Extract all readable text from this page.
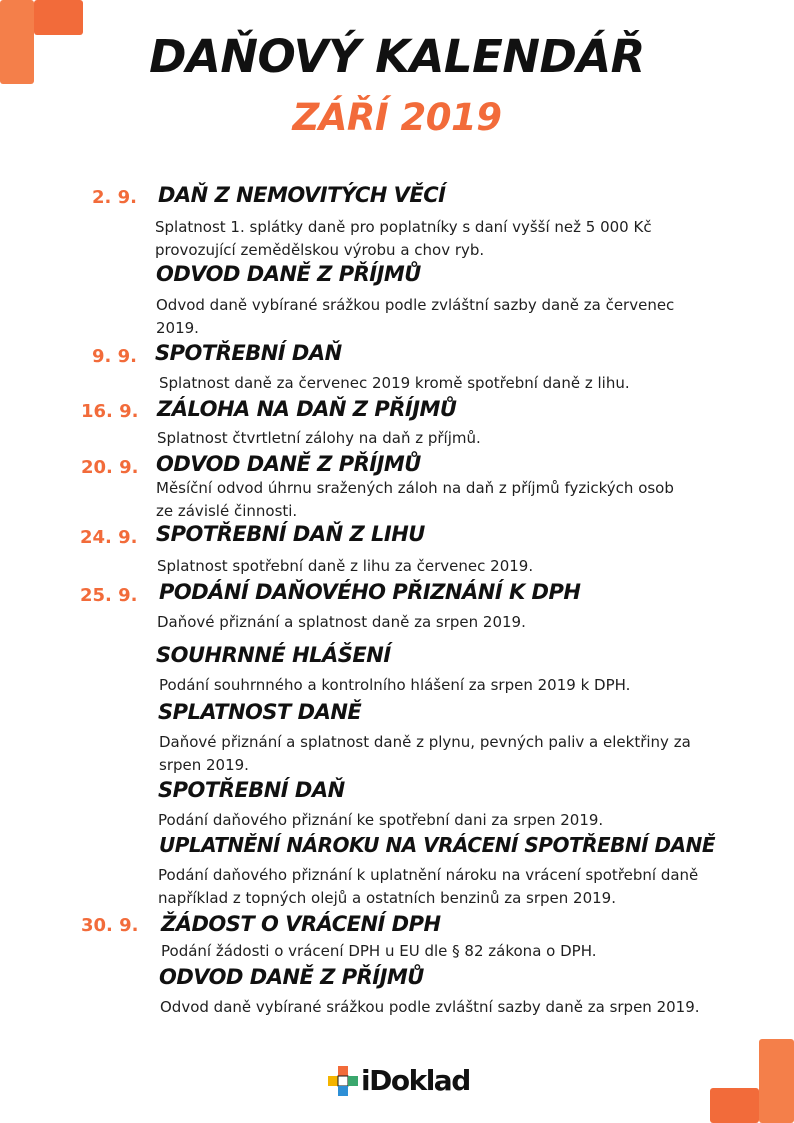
DAŇOVÝ KALENDÁŘ
ZÁŘÍ 2019
2. 9. DAŇ Z NEMOVITÝCH VĚCÍ
Splatnost 1. splátky daně pro poplatníky s daní vyšší než 5 000 Kč provozující zemědělskou výrobu a chov ryb.
ODVOD DANĚ Z PŘÍJMŮ
Odvod daně vybírané srážkou podle zvláštní sazby daně za červenec 2019.
9. 9. SPOTŘEBNÍ DAŇ
Splatnost daně za červenec 2019 kromě spotřební daně z lihu.
16. 9. ZÁLOHA NA DAŇ Z PŘÍJMŮ
Splatnost čtvrtletní zálohy na daň z příjmů.
20. 9. ODVOD DANĚ Z PŘÍJMŮ
Měsíční odvod úhrnu sražených záloh na daň z příjmů fyzických osob ze závislé činnosti.
24. 9. SPOTŘEBNÍ DAŇ Z LIHU
Splatnost spotřební daně z lihu za červenec 2019.
25. 9. PODÁNÍ DAŇOVÉHO PŘIZNÁNÍ K DPH
Daňové přiznání a splatnost daně za srpen 2019.
SOUHRNNÉ HLÁŠENÍ
Podání souhrnného a kontrolního hlášení za srpen 2019 k DPH.
SPLATNOST DANĚ
Daňové přiznání a splatnost daně z plynu, pevných paliv a elektřiny za srpen 2019.
SPOTŘEBNÍ DAŇ
Podání daňového přiznání ke spotřební dani za srpen 2019.
UPLATNĚNÍ NÁROKU NA VRÁCENÍ SPOTŘEBNÍ DANĚ
Podání daňového přiznání k uplatnění nároku na vrácení spotřební daně například z topných olejů a ostatních benzinů za srpen 2019.
30. 9. ŽÁDOST O VRÁCENÍ DPH
Podání žádosti o vrácení DPH u EU dle § 82 zákona o DPH.
ODVOD DANĚ Z PŘÍJMŮ
Odvod daně vybírané srážkou podle zvláštní sazby daně za srpen 2019.
iDoklad
